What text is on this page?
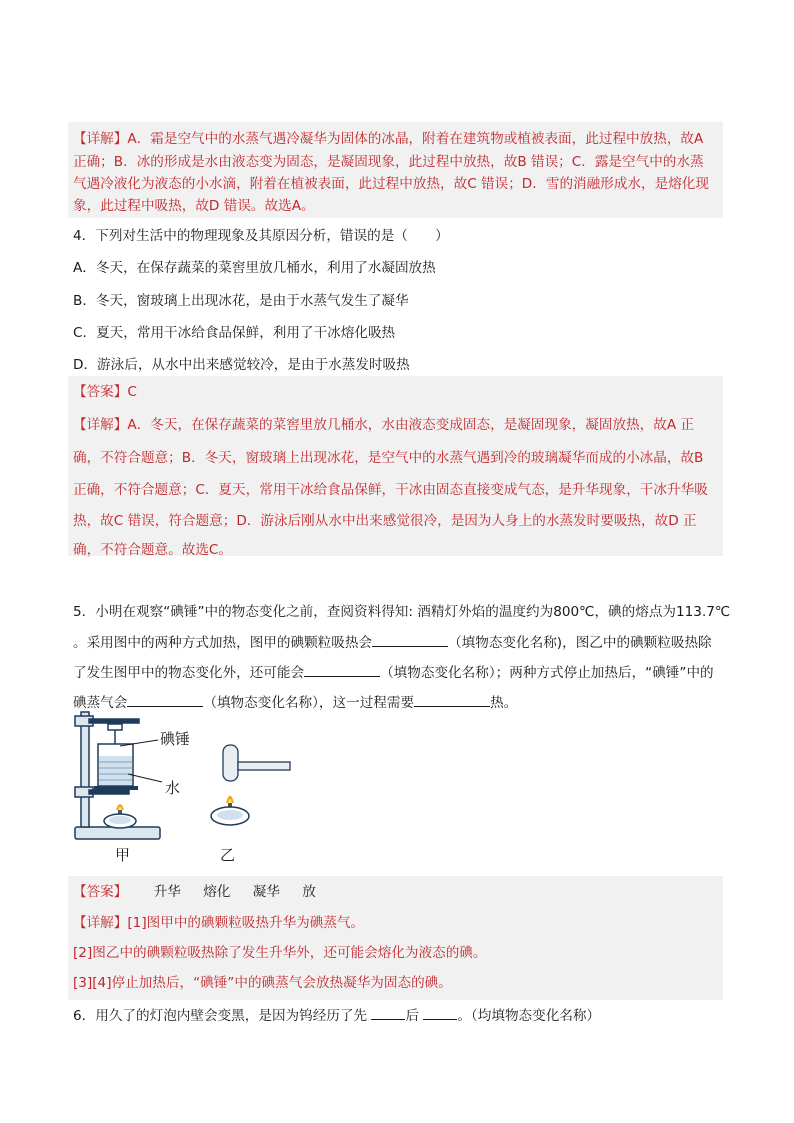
【详解】A．霜是空气中的水蒸气遇冷凝华为固体的冰晶，附着在建筑物或植被表面，此过程中放热，故A
正确；B．冰的形成是水由液态变为固态，是凝固现象，此过程中放热，故B 错误；C．露是空气中的水蒸
气遇冷液化为液态的小水滴，附着在植被表面，此过程中放热，故C 错误；D．雪的消融形成水，是熔化现
象，此过程中吸热，故D 错误。故选A。
4．下列对生活中的物理现象及其原因分析，错误的是（　　）
A．冬天，在保存蔬菜的菜窖里放几桶水，利用了水凝固放热
B．冬天，窗玻璃上出现冰花，是由于水蒸气发生了凝华
C．夏天，常用干冰给食品保鲜，利用了干冰熔化吸热
D．游泳后，从水中出来感觉较冷，是由于水蒸发时吸热
【答案】C
【详解】A．冬天，在保存蔬菜的菜窖里放几桶水，水由液态变成固态，是凝固现象，凝固放热，故A 正
确，不符合题意；B．冬天，窗玻璃上出现冰花，是空气中的水蒸气遇到冷的玻璃凝华而成的小冰晶，故B
正确，不符合题意；C．夏天，常用干冰给食品保鲜，干冰由固态直接变成气态，是升华现象，干冰升华吸
热，故C 错误，符合题意；D．游泳后刚从水中出来感觉很冷，是因为人身上的水蒸发时要吸热，故D 正
确，不符合题意。故选C。
5．小明在观察“碘锤”中的物态变化之前，查阅资料得知: 酒精灯外焰的温度约为800℃，碘的熔点为113.7℃
。采用图中的两种方式加热，图甲的碘颗粒吸热会	（填物态变化名称)，图乙中的碘颗粒吸热除
了发生图甲中的物态变化外，还可能会	（填物态变化名称）；两种方式停止加热后，“碘锤”中的
碘蒸气会	（填物态变化名称），这一过程需要	热。
碘锤
水
甲	乙
【答案】 升华 熔化 凝华 放
【详解】[1]图甲中的碘颗粒吸热升华为碘蒸气。
[2]图乙中的碘颗粒吸热除了发生升华外，还可能会熔化为液态的碘。
[3][4]停止加热后，“碘锤”中的碘蒸气会放热凝华为固态的碘。
6．用久了的灯泡内壁会变黑，是因为钨经历了先	后	。（均填物态变化名称）
